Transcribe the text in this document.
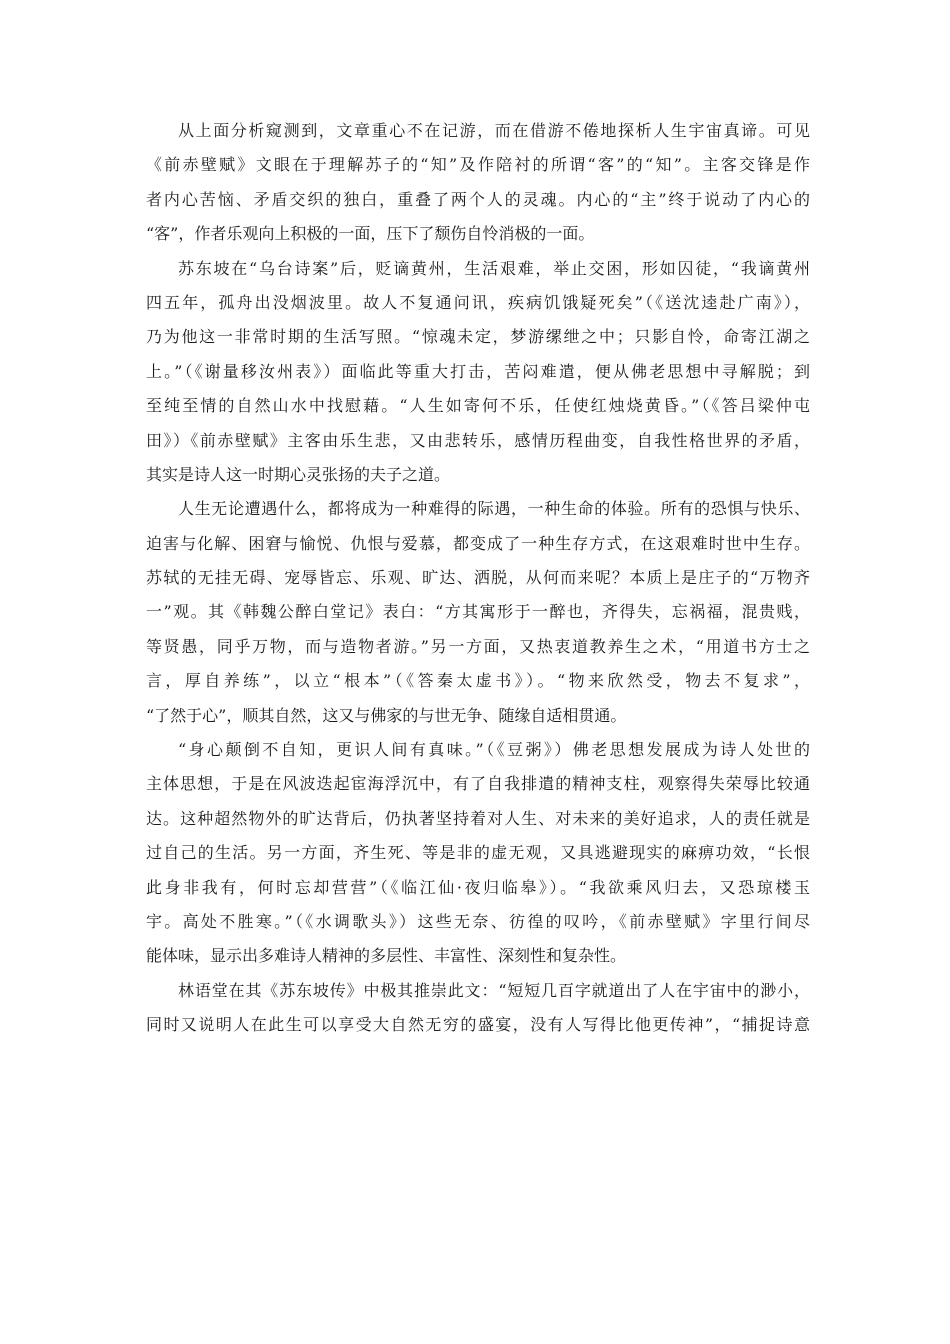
从上面分析窥测到，文章重心不在记游，而在借游不倦地探析人生宇宙真谛。可见
《前赤壁赋》文眼在于理解苏子的“知”及作陪衬的所谓“客”的“知”。主客交锋是作
者内心苦恼、矛盾交织的独白，重叠了两个人的灵魂。内心的“主”终于说动了内心的
“客”，作者乐观向上积极的一面，压下了颓伤自怜消极的一面。
苏东坡在“乌台诗案”后，贬谪黄州，生活艰难，举止交困，形如囚徒，“我谪黄州
四五年，孤舟出没烟波里。故人不复通问讯，疾病饥饿疑死矣”（《送沈逵赴广南》），
乃为他这一非常时期的生活写照。“惊魂未定，梦游缧绁之中；只影自怜，命寄江湖之
上。”（《谢量移汝州表》）面临此等重大打击，苦闷难遣，便从佛老思想中寻解脱；到
至纯至情的自然山水中找慰藉。“人生如寄何不乐，任使红烛烧黄昏。”（《答吕梁仲屯
田》）《前赤壁赋》主客由乐生悲，又由悲转乐，感情历程曲变，自我性格世界的矛盾，
其实是诗人这一时期心灵张扬的夫子之道。
人生无论遭遇什么，都将成为一种难得的际遇，一种生命的体验。所有的恐惧与快乐、
迫害与化解、困窘与愉悦、仇恨与爱慕，都变成了一种生存方式，在这艰难时世中生存。
苏轼的无挂无碍、宠辱皆忘、乐观、旷达、洒脱，从何而来呢？本质上是庄子的“万物齐
一”观。其《韩魏公醉白堂记》表白：“方其寓形于一醉也，齐得失，忘祸福，混贵贱，
等贤愚，同乎万物，而与造物者游。”另一方面，又热衷道教养生之术，“用道书方士之
言，厚自养练”，以立“根本”（《答秦太虚书》）。“物来欣然受，物去不复求”，
“了然于心”，顺其自然，这又与佛家的与世无争、随缘自适相贯通。
“身心颠倒不自知，更识人间有真味。”（《豆粥》）佛老思想发展成为诗人处世的
主体思想，于是在风波迭起宦海浮沉中，有了自我排遣的精神支柱，观察得失荣辱比较通
达。这种超然物外的旷达背后，仍执著坚持着对人生、对未来的美好追求，人的责任就是
过自己的生活。另一方面，齐生死、等是非的虚无观，又具逃避现实的麻痹功效，“长恨
此身非我有，何时忘却营营”（《临江仙·夜归临皋》）。“我欲乘风归去，又恐琼楼玉
宇。高处不胜寒。”（《水调歌头》）这些无奈、彷徨的叹吟，《前赤壁赋》字里行间尽
能体味，显示出多难诗人精神的多层性、丰富性、深刻性和复杂性。
林语堂在其《苏东坡传》中极其推崇此文：“短短几百字就道出了人在宇宙中的渺小，
同时又说明人在此生可以享受大自然无穷的盛宴，没有人写得比他更传神”，“捕捉诗意
